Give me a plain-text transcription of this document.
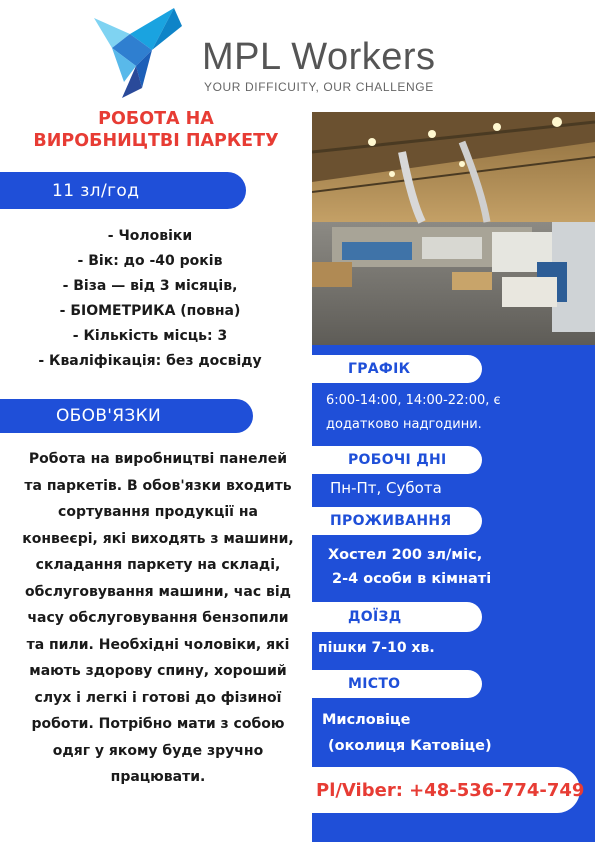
MPL Workers
YOUR DIFFICUITY, OUR CHALLENGE
РОБОТА НА
ВИРОБНИЦТВІ ПАРКЕТУ
11 зл/год
- Чоловіки
- Вік: до -40 років
- Віза — від 3 місяців,
- БІОМЕТРИКА (повна)
- Кількість місць: 3
- Кваліфікація: без досвіду
ОБОВ'ЯЗКИ
Робота на виробництві панелей
та паркетів. В обов'язки входить
сортування продукції на
конвеєрі, які виходять з машини,
складання паркету на складі,
обслуговування машини, час від
часу обслуговування бензопили
та пили. Необхідні чоловіки, які
мають здорову спину, хороший
слух і легкі і готові до фізиної
роботи. Потрібно мати з собою
одяг у якому буде зручно
працювати.
ГРАФІК
6:00-14:00, 14:00-22:00, є
додатково надгодини.
РОБОЧІ ДНІ
Пн-Пт, Субота
ПРОЖИВАННЯ
Хостел 200 зл/міс,
2-4 особи в кімнаті
ДОЇЗД
пішки 7-10 хв.
МІСТО
Мисловіце
(околиця Катовіце)
Pl/Viber: +48-536-774-749
